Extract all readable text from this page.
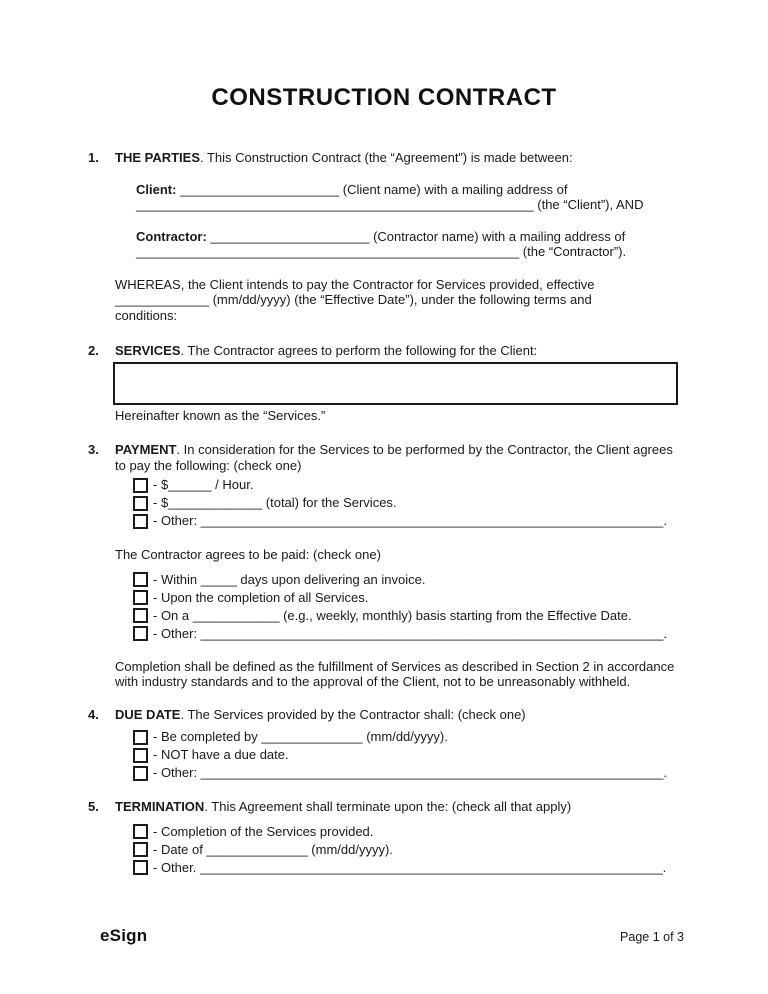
CONSTRUCTION CONTRACT
1.	THE PARTIES. This Construction Contract (the “Agreement”) is made between:
Client: ______________________ (Client name) with a mailing address of
_______________________________________________________ (the “Client”), AND
Contractor: ______________________ (Contractor name) with a mailing address of
_____________________________________________________ (the “Contractor”).
WHEREAS, the Client intends to pay the Contractor for Services provided, effective
_____________ (mm/dd/yyyy) (the “Effective Date”), under the following terms and
conditions:
2.	SERVICES. The Contractor agrees to perform the following for the Client:
Hereinafter known as the “Services.”
3.	PAYMENT. In consideration for the Services to be performed by the Contractor, the Client agrees to pay the following: (check one)
- $______ / Hour.
- $_____________ (total) for the Services.
- Other: ________________________________________________________________.
The Contractor agrees to be paid: (check one)
- Within _____ days upon delivering an invoice.
- Upon the completion of all Services.
- On a ____________ (e.g., weekly, monthly) basis starting from the Effective Date.
- Other: ________________________________________________________________.
Completion shall be defined as the fulfillment of Services as described in Section 2 in accordance with industry standards and to the approval of the Client, not to be unreasonably withheld.
4.	DUE DATE. The Services provided by the Contractor shall: (check one)
- Be completed by ______________ (mm/dd/yyyy).
- NOT have a due date.
- Other: ________________________________________________________________.
5.	TERMINATION. This Agreement shall terminate upon the: (check all that apply)
- Completion of the Services provided.
- Date of ______________ (mm/dd/yyyy).
- Other. ________________________________________________________________.
eSign	Page 1 of 3
